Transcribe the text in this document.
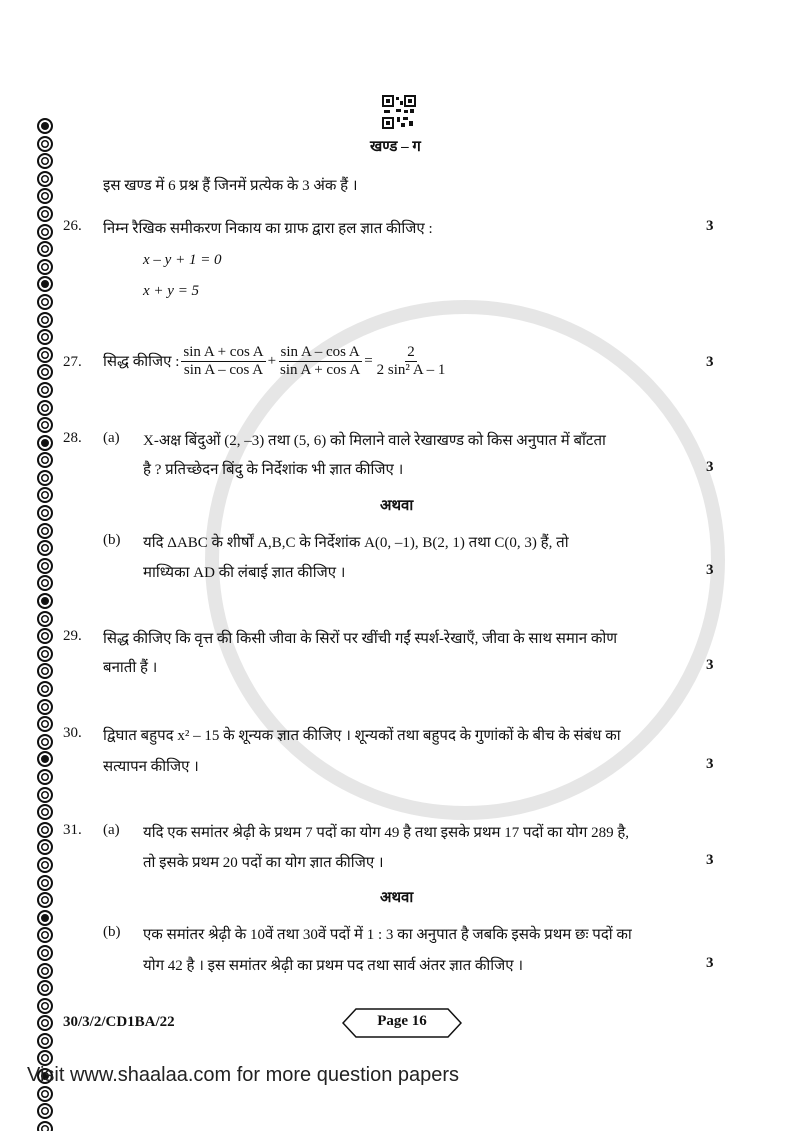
खण्ड – ग
इस खण्ड में 6 प्रश्न हैं जिनमें प्रत्येक के 3 अंक हैं ।
26. निम्न रैखिक समीकरण निकाय का ग्राफ द्वारा हल ज्ञात कीजिए :	3
x – y + 1 = 0
x + y = 5
27. सिद्ध कीजिए : $\frac{\text{sin A + cos A}}{\text{sin A – cos A}} + \frac{\text{sin A – cos A}}{\text{sin A + cos A}} = \frac{2}{\text{2 sin² A – 1}}$	3
28. (a) X-अक्ष बिंदुओं (2, –3) तथा (5, 6) को मिलाने वाले रेखाखण्ड को किस अनुपात में बाँटता
है ? प्रतिच्छेदन बिंदु के निर्देशांक भी ज्ञात कीजिए ।	3
अथवा
(b) यदि ΔABC के शीर्षों A,B,C के निर्देशांक A(0, –1), B(2, 1) तथा C(0, 3) हैं, तो
माध्यिका AD की लंबाई ज्ञात कीजिए ।	3
29. सिद्ध कीजिए कि वृत्त की किसी जीवा के सिरों पर खींची गईं स्पर्श-रेखाएँ, जीवा के साथ समान कोण
बनाती हैं ।	3
30. द्विघात बहुपद x² – 15 के शून्यक ज्ञात कीजिए । शून्यकों तथा बहुपद के गुणांकों के बीच के संबंध का
सत्यापन कीजिए ।	3
31. (a) यदि एक समांतर श्रेढ़ी के प्रथम 7 पदों का योग 49 है तथा इसके प्रथम 17 पदों का योग 289 है,
तो इसके प्रथम 20 पदों का योग ज्ञात कीजिए ।	3
अथवा
(b) एक समांतर श्रेढ़ी के 10वें तथा 30वें पदों में 1 : 3 का अनुपात है जबकि इसके प्रथम छः पदों का
योग 42 है । इस समांतर श्रेढ़ी का प्रथम पद तथा सार्व अंतर ज्ञात कीजिए ।	3
30/3/2/CD1BA/22	Page 16
Visit www.shaalaa.com for more question papers
